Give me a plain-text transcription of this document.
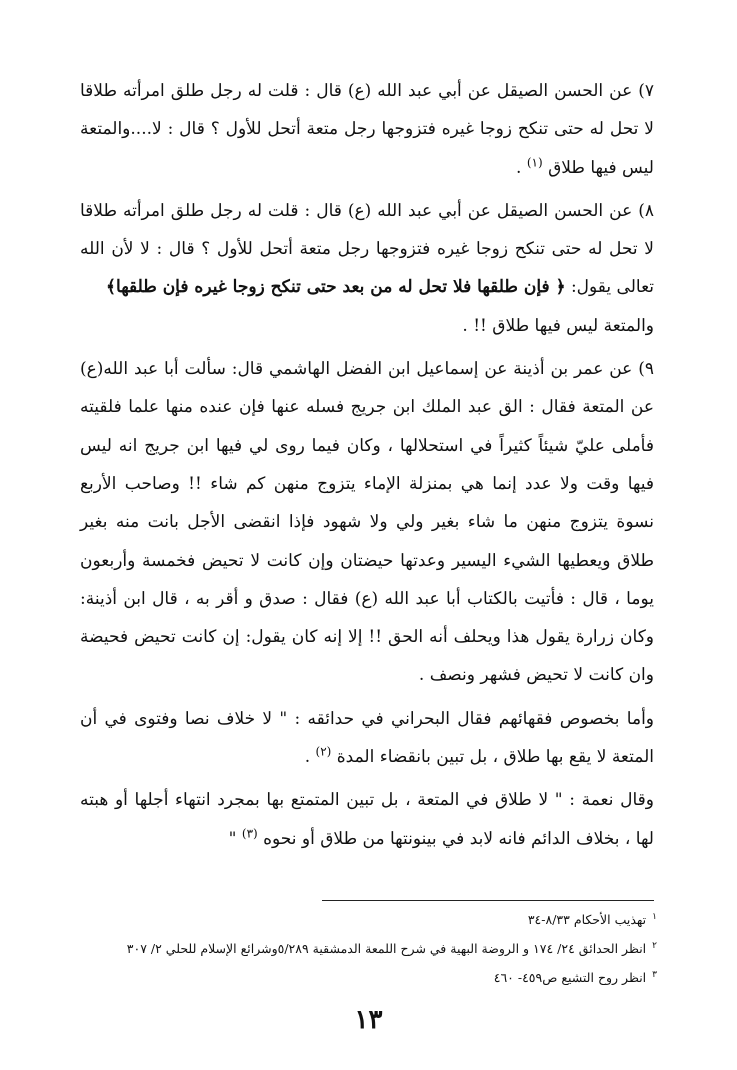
٧) عن الحسن الصيقل عن أبي عبد الله (ع) قال : قلت له رجل طلق امرأته طلاقا لا تحل له حتى تنكح زوجا غيره فتزوجها رجل متعة أتحل للأول ؟ قال : لا....والمتعة ليس فيها طلاق $^{(١)}$ .

٨) عن الحسن الصيقل عن أبي عبد الله (ع) قال : قلت له رجل طلق امرأته طلاقا لا تحل له حتى تنكح زوجا غيره فتزوجها رجل متعة أتحل للأول ؟ قال : لا لأن الله تعالى يقول: ﴿ فإن طلقها فلا تحل له من بعد حتى تنكح زوجا غيره فإن طلقها﴾
والمتعة ليس فيها طلاق !! .

٩) عن عمر بن أذينة عن إسماعيل ابن الفضل الهاشمي قال: سألت أبا عبد الله(ع) عن المتعة فقال : الق عبد الملك ابن جريج فسله عنها فإن عنده منها علما فلقيته فأملى عليّ شيئاً كثيراً في استحلالها ، وكان فيما روى لي فيها ابن جريج انه ليس فيها وقت ولا عدد إنما هي بمنزلة الإماء يتزوج منهن كم شاء !! وصاحب الأربع نسوة يتزوج منهن ما شاء بغير ولي ولا شهود فإذا انقضى الأجل بانت منه بغير طلاق ويعطيها الشيء اليسير وعدتها حيضتان وإن كانت لا تحيض فخمسة وأربعون يوما ، قال : فأتيت بالكتاب أبا عبد الله (ع) فقال : صدق و أقر به ، قال ابن أذينة: وكان زرارة يقول هذا ويحلف أنه الحق !! إلا إنه كان يقول: إن كانت تحيض فحيضة وان كانت لا تحيض فشهر ونصف .

وأما بخصوص فقهائهم فقال البحراني في حدائقه : " لا خلاف نصا وفتوى في أن المتعة لا يقع بها طلاق ، بل تبين بانقضاء المدة $^{(٢)}$ .

وقال نعمة : " لا طلاق في المتعة ، بل تبين المتمتع بها بمجرد انتهاء أجلها أو هبته لها ، بخلاف الدائم فانه لابد في بينونتها من طلاق أو نحوه $^{(٣)}$ "

$^١$تهذيب الأحكام ٨/٣٣-٣٤

$^٢$انظر الحدائق ٢٤/ ١٧٤ و الروضة البهية في شرح اللمعة الدمشقية ٥/٢٨٩وشرائع الإسلام للحلي ٢/ ٣٠٧

$^٣$انظر روح التشيع ص٤٥٩- ٤٦٠

١٣
